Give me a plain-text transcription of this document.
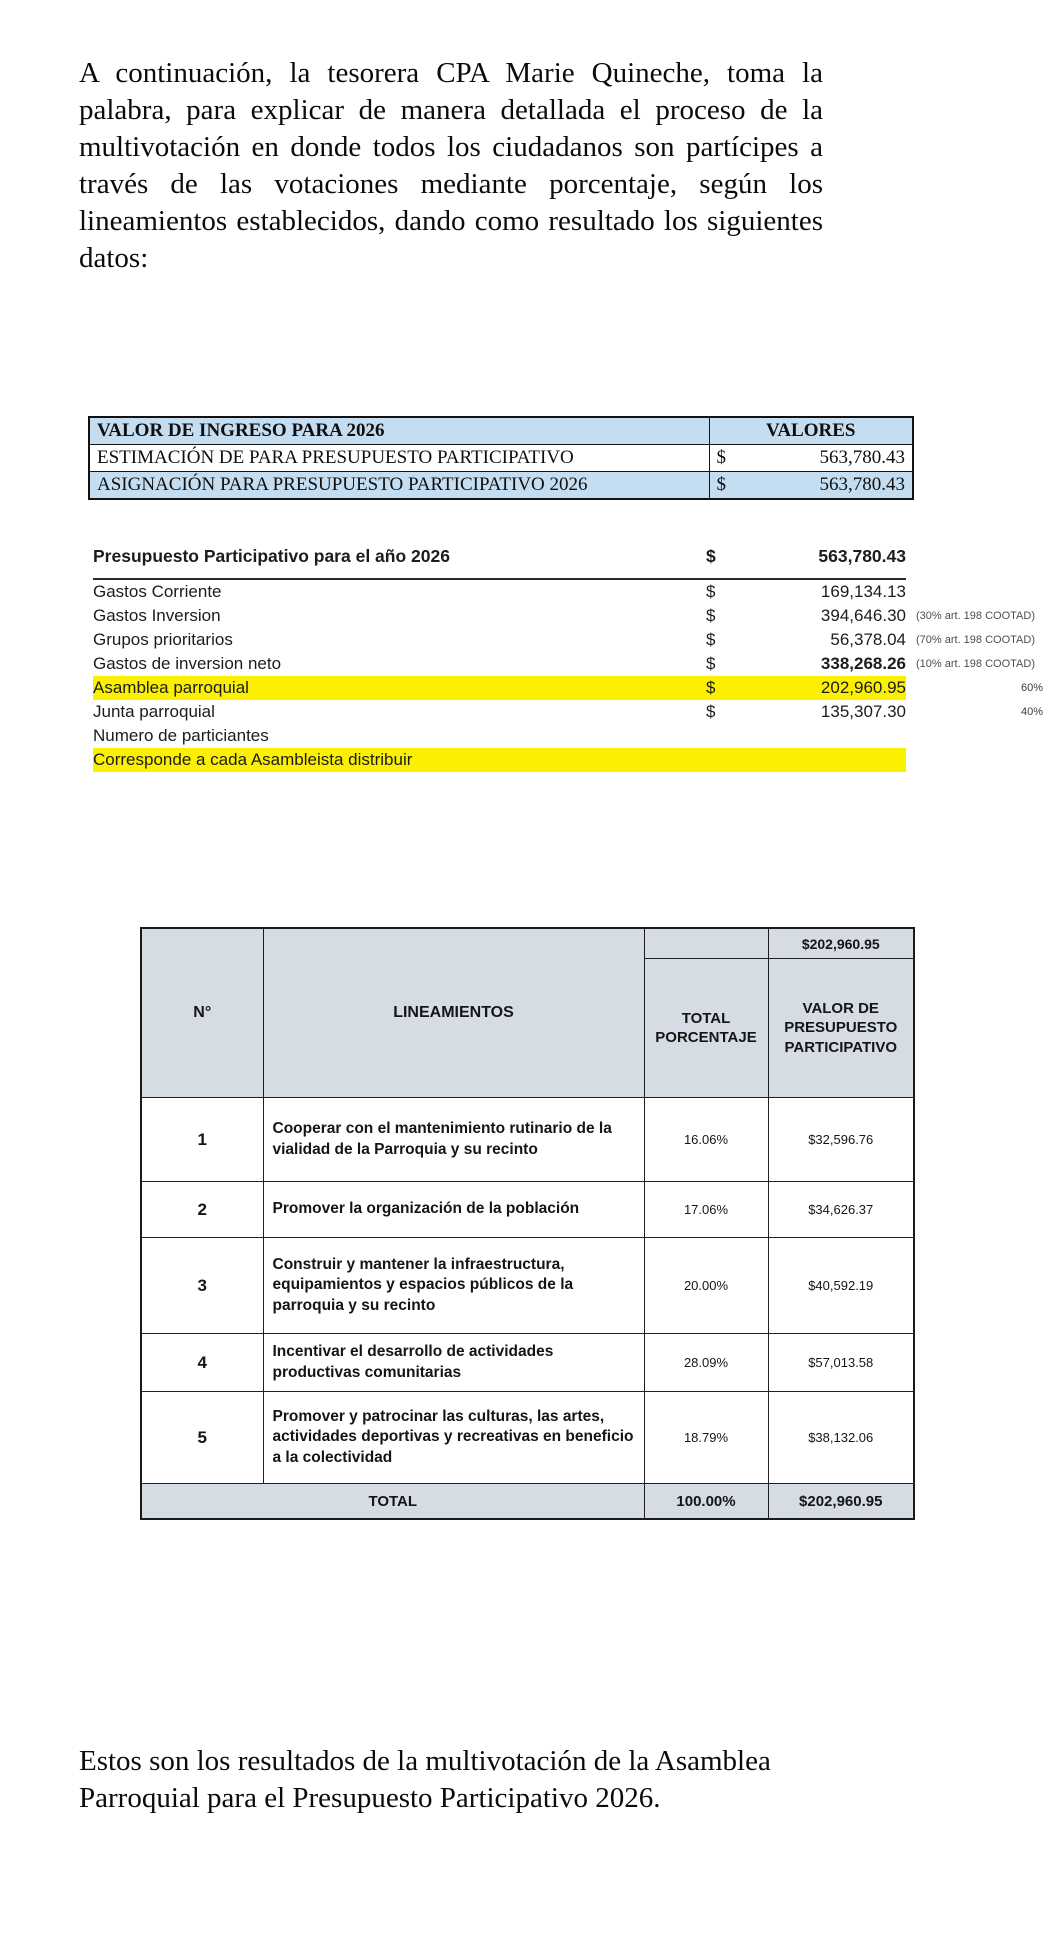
A continuación, la tesorera CPA Marie Quineche, toma la palabra, para explicar de manera detallada el proceso de la multivotación en donde todos los ciudadanos son partícipes a través de las votaciones mediante porcentaje, según los lineamientos establecidos, dando como resultado los siguientes datos:

VALOR DE INGRESO PARA 2026	VALORES
ESTIMACIÓN DE PARA PRESUPUESTO PARTICIPATIVO	$ 563,780.43

ASIGNACIÓN PARA PRESUPUESTO PARTICIPATIVO 2026	$ 563,780.43
Presupuesto Participativo para el año 2026	$	563,780.43
Gastos Corriente	$	169,134.13
Gastos Inversion	$	394,646.30 (30% art. 198 COOTAD)
Grupos prioritarios	$	56,378.04 (70% art. 198 COOTAD)
Gastos de inversion neto	$	338,268.26 (10% art. 198 COOTAD)
Asamblea parroquial	$	202,960.95	60%
Junta parroquial	$	135,307.30	40%
Numero de particiantes
Corresponde a cada Asambleista distribuir
N°	LINEAMIENTOS		$202,960.95
		TOTAL PORCENTAJE	VALOR DE PRESUPUESTO PARTICIPATIVO
1	Cooperar con el mantenimiento rutinario de la vialidad de la Parroquia y su recinto	16.06%	$32,596.76
2	Promover la organización de la población	17.06%	$34,626.37
3	Construir y mantener la infraestructura, equipamientos y espacios públicos de la parroquia y su recinto	20.00%	$40,592.19
4	Incentivar el desarrollo de actividades productivas comunitarias	28.09%	$57,013.58
5	Promover y patrocinar las culturas, las artes, actividades deportivas y recreativas en beneficio a la colectividad	18.79%	$38,132.06
TOTAL		100.00%	$202,960.95

Estos son los resultados de la multivotación de la Asamblea Parroquial para el Presupuesto Participativo 2026.
